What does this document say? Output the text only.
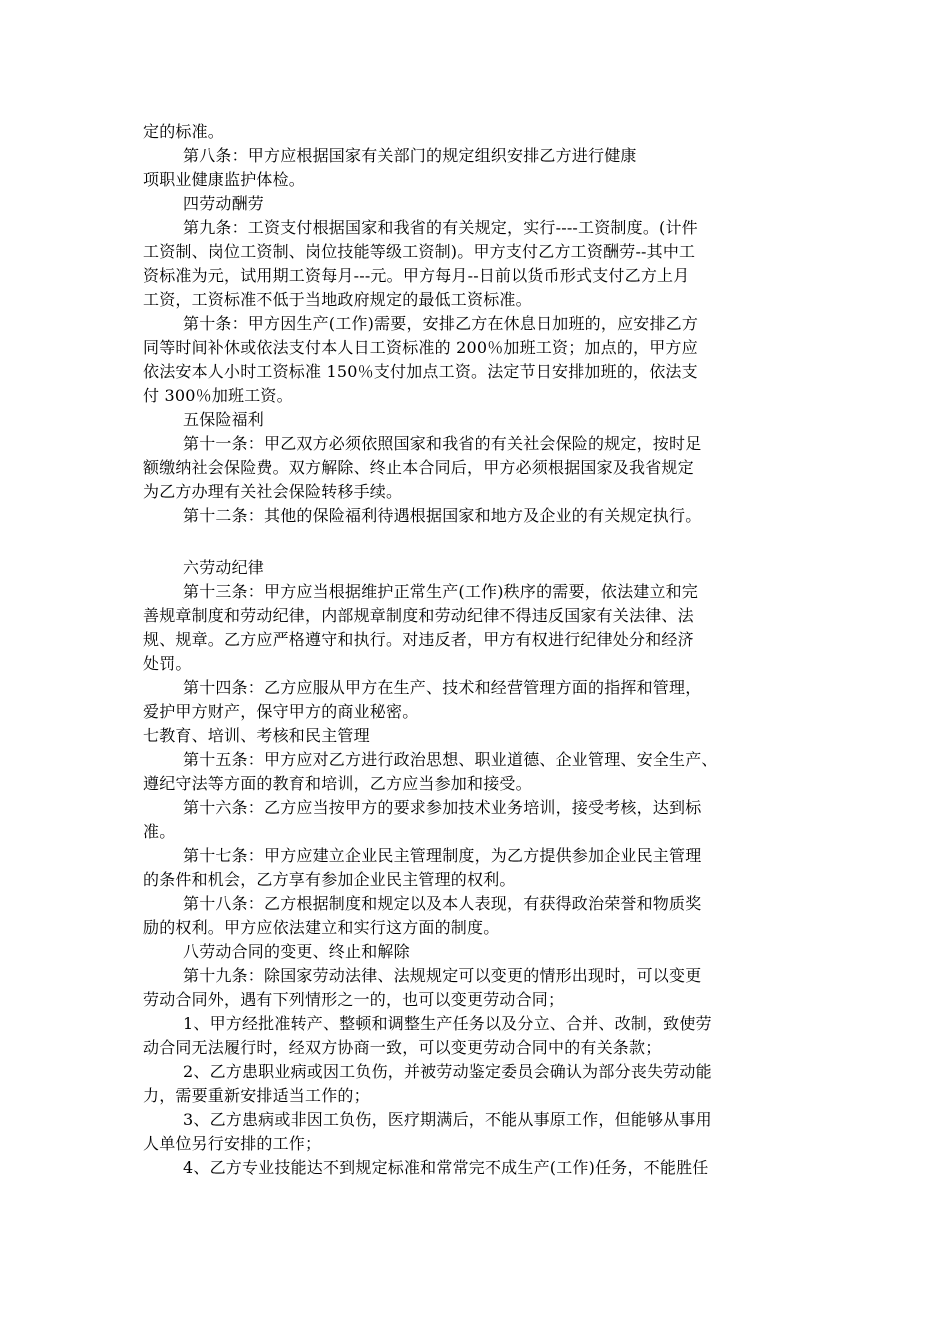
定的标准。
第八条：甲方应根据国家有关部门的规定组织安排乙方进行健康
项职业健康监护体检。
四劳动酬劳
第九条：工资支付根据国家和我省的有关规定，实行----工资制度。(计件
工资制、岗位工资制、岗位技能等级工资制)。甲方支付乙方工资酬劳--其中工
资标准为元，试用期工资每月---元。甲方每月--日前以货币形式支付乙方上月
工资，工资标准不低于当地政府规定的最低工资标准。
第十条：甲方因生产(工作)需要，安排乙方在休息日加班的，应安排乙方
同等时间补休或依法支付本人日工资标准的 200％加班工资；加点的，甲方应
依法安本人小时工资标准 150％支付加点工资。法定节日安排加班的，依法支
付 300％加班工资。
五保险福利
第十一条：甲乙双方必须依照国家和我省的有关社会保险的规定，按时足
额缴纳社会保险费。双方解除、终止本合同后，甲方必须根据国家及我省规定
为乙方办理有关社会保险转移手续。
第十二条：其他的保险福利待遇根据国家和地方及企业的有关规定执行。
六劳动纪律
第十三条：甲方应当根据维护正常生产(工作)秩序的需要，依法建立和完
善规章制度和劳动纪律，内部规章制度和劳动纪律不得违反国家有关法律、法
规、规章。乙方应严格遵守和执行。对违反者，甲方有权进行纪律处分和经济
处罚。
第十四条：乙方应服从甲方在生产、技术和经营管理方面的指挥和管理，
爱护甲方财产，保守甲方的商业秘密。
七教育、培训、考核和民主管理
第十五条：甲方应对乙方进行政治思想、职业道德、企业管理、安全生产、
遵纪守法等方面的教育和培训，乙方应当参加和接受。
第十六条：乙方应当按甲方的要求参加技术业务培训，接受考核，达到标
准。
第十七条：甲方应建立企业民主管理制度，为乙方提供参加企业民主管理
的条件和机会，乙方享有参加企业民主管理的权利。
第十八条：乙方根据制度和规定以及本人表现，有获得政治荣誉和物质奖
励的权利。甲方应依法建立和实行这方面的制度。
八劳动合同的变更、终止和解除
第十九条：除国家劳动法律、法规规定可以变更的情形出现时，可以变更
劳动合同外，遇有下列情形之一的，也可以变更劳动合同；
1、甲方经批准转产、整顿和调整生产任务以及分立、合并、改制，致使劳
动合同无法履行时，经双方协商一致，可以变更劳动合同中的有关条款；
2、乙方患职业病或因工负伤，并被劳动鉴定委员会确认为部分丧失劳动能
力，需要重新安排适当工作的；
3、乙方患病或非因工负伤，医疗期满后，不能从事原工作，但能够从事用
人单位另行安排的工作；
4、乙方专业技能达不到规定标准和常常完不成生产(工作)任务，不能胜任
